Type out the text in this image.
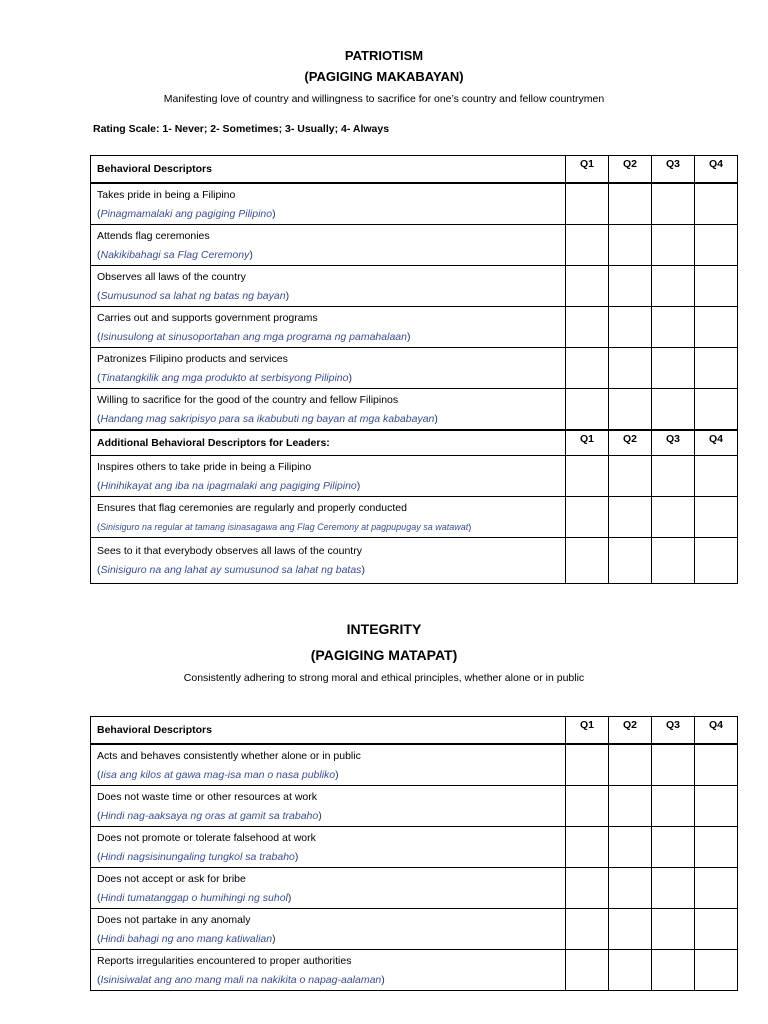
PATRIOTISM
(PAGIGING MAKABAYAN)
Manifesting love of country and willingness to sacrifice for one’s country and fellow countrymen
Rating Scale: 1- Never; 2- Sometimes; 3- Usually; 4- Always
Behavioral Descriptors	Q1	Q2	Q3	Q4

Takes pride in being a Filipino
(Pinagmamalaki ang pagiging Pilipino)				

Attends flag ceremonies
(Nakikibahagi sa Flag Ceremony)				

Observes all laws of the country
(Sumusunod sa lahat ng batas ng bayan)				

Carries out and supports government programs
(Isinusulong at sinusoportahan ang mga programa ng pamahalaan)				

Patronizes Filipino products and services
(Tinatangkilik ang mga produkto at serbisyong Pilipino)				

Willing to sacrifice for the good of the country and fellow Filipinos
(Handang mag sakripisyo para sa ikabubuti ng bayan at mga kababayan)				

Additional Behavioral Descriptors for Leaders:	Q1	Q2	Q3	Q4

Inspires others to take pride in being a Filipino
(Hinihikayat ang iba na ipagmalaki ang pagiging Pilipino)				

Ensures that flag ceremonies are regularly and properly conducted
(Sinisiguro na regular at tamang isinasagawa ang Flag Ceremony at pagpupugay sa watawat)				

Sees to it that everybody observes all laws of the country
(Sinisiguro na ang lahat ay sumusunod sa lahat ng batas)				

INTEGRITY
(PAGIGING MATAPAT)
Consistently adhering to strong moral and ethical principles, whether alone or in public
Behavioral Descriptors	Q1	Q2	Q3	Q4

Acts and behaves consistently whether alone or in public
(Iisa ang kilos at gawa mag-isa man o nasa publiko)				

Does not waste time or other resources at work
(Hindi nag-aaksaya ng oras at gamit sa trabaho)				

Does not promote or tolerate falsehood at work
(Hindi nagsisinungaling tungkol sa trabaho)				

Does not accept or ask for bribe
(Hindi tumatanggap o humihingi ng suhol)				

Does not partake in any anomaly
(Hindi bahagi ng ano mang katiwalian)				

Reports irregularities encountered to proper authorities
(Isinisiwalat ang ano mang mali na nakikita o napag-aalaman)				
